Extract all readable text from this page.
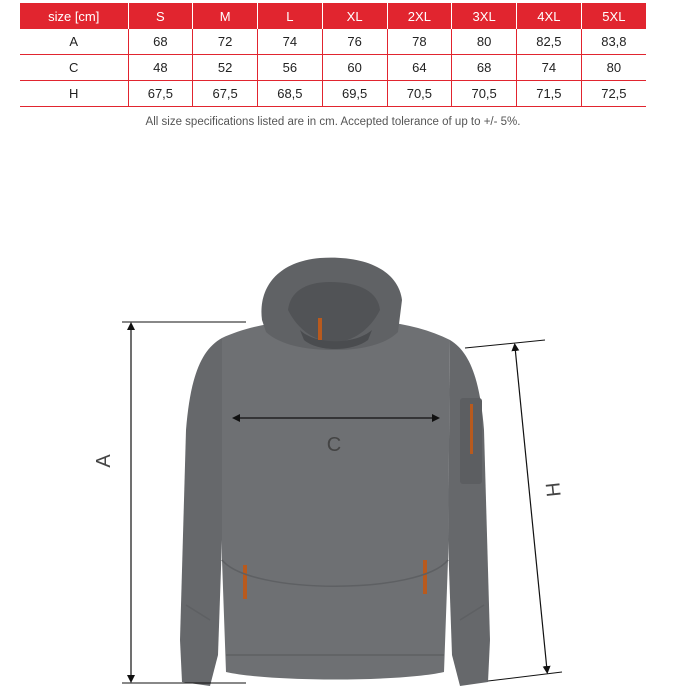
size [cm]	S	M	L	XL	2XL	3XL	4XL	5XL
A	68	72	74	76	78	80	82,5	83,8
C	48	52	56	60	64	68	74	80
H	67,5	67,5	68,5	69,5	70,5	70,5	71,5	72,5
All size specifications listed are in cm. Accepted tolerance of up to +/- 5%.
A
C
H
